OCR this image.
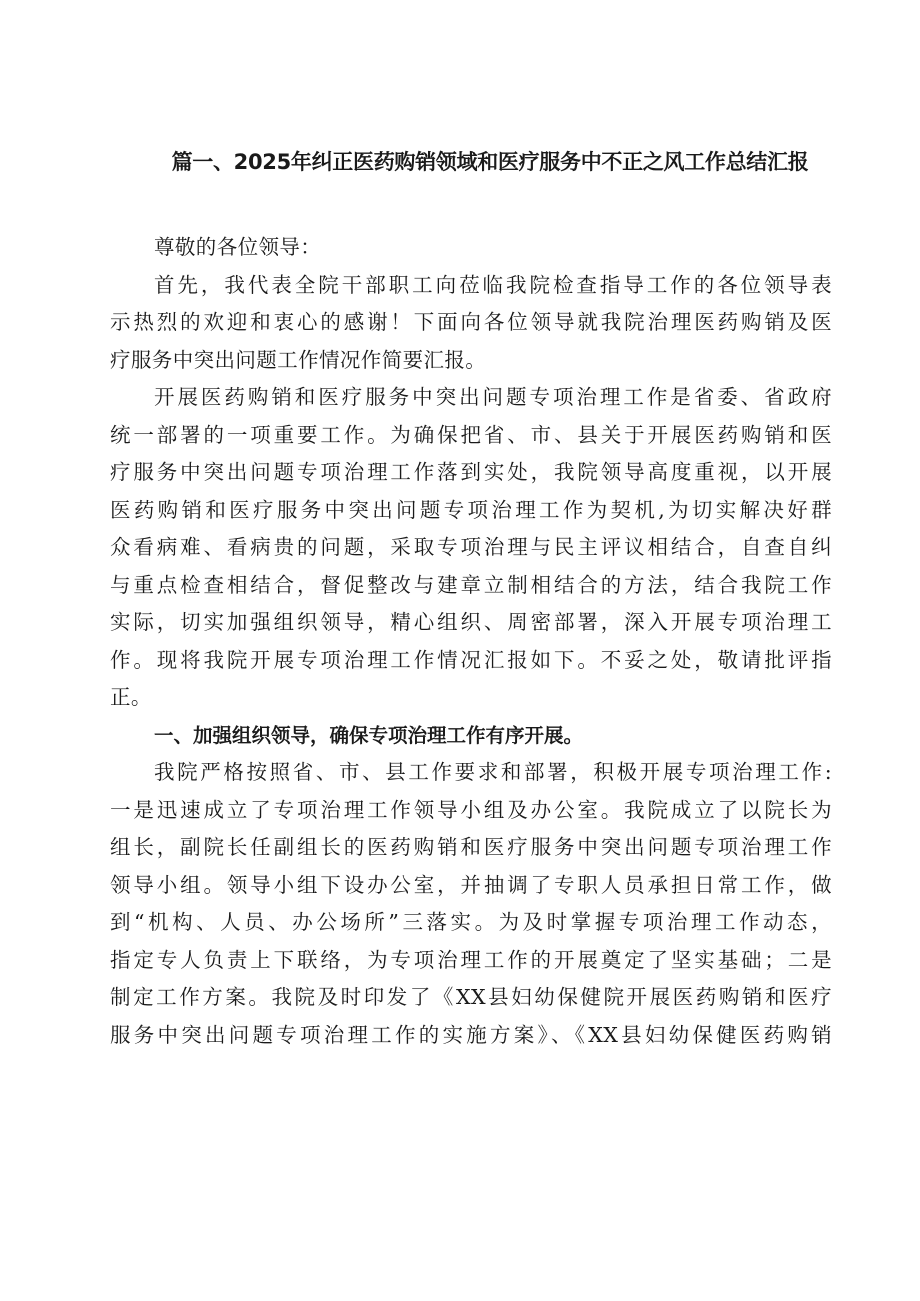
篇一、2025年纠正医药购销领域和医疗服务中不正之风工作总结汇报
尊敬的各位领导：
首先，我代表全院干部职工向莅临我院检查指导工作的各位领导表
示热烈的欢迎和衷心的感谢！下面向各位领导就我院治理医药购销及医
疗服务中突出问题工作情况作简要汇报。
开展医药购销和医疗服务中突出问题专项治理工作是省委、省政府
统一部署的一项重要工作。为确保把省、市、县关于开展医药购销和医
疗服务中突出问题专项治理工作落到实处，我院领导高度重视，以开展
医药购销和医疗服务中突出问题专项治理工作为契机,为切实解决好群
众看病难、看病贵的问题，采取专项治理与民主评议相结合，自查自纠
与重点检查相结合，督促整改与建章立制相结合的方法，结合我院工作
实际，切实加强组织领导，精心组织、周密部署，深入开展专项治理工
作。现将我院开展专项治理工作情况汇报如下。不妥之处，敬请批评指
正。
一、加强组织领导，确保专项治理工作有序开展。
我院严格按照省、市、县工作要求和部署，积极开展专项治理工作:
一是迅速成立了专项治理工作领导小组及办公室。我院成立了以院长为
组长，副院长任副组长的医药购销和医疗服务中突出问题专项治理工作
领导小组。领导小组下设办公室，并抽调了专职人员承担日常工作，做
到“机构、人员、办公场所”三落实。为及时掌握专项治理工作动态，
指定专人负责上下联络，为专项治理工作的开展奠定了坚实基础；二是
制定工作方案。我院及时印发了《XX县妇幼保健院开展医药购销和医疗
服务中突出问题专项治理工作的实施方案》、《XX县妇幼保健医药购销
